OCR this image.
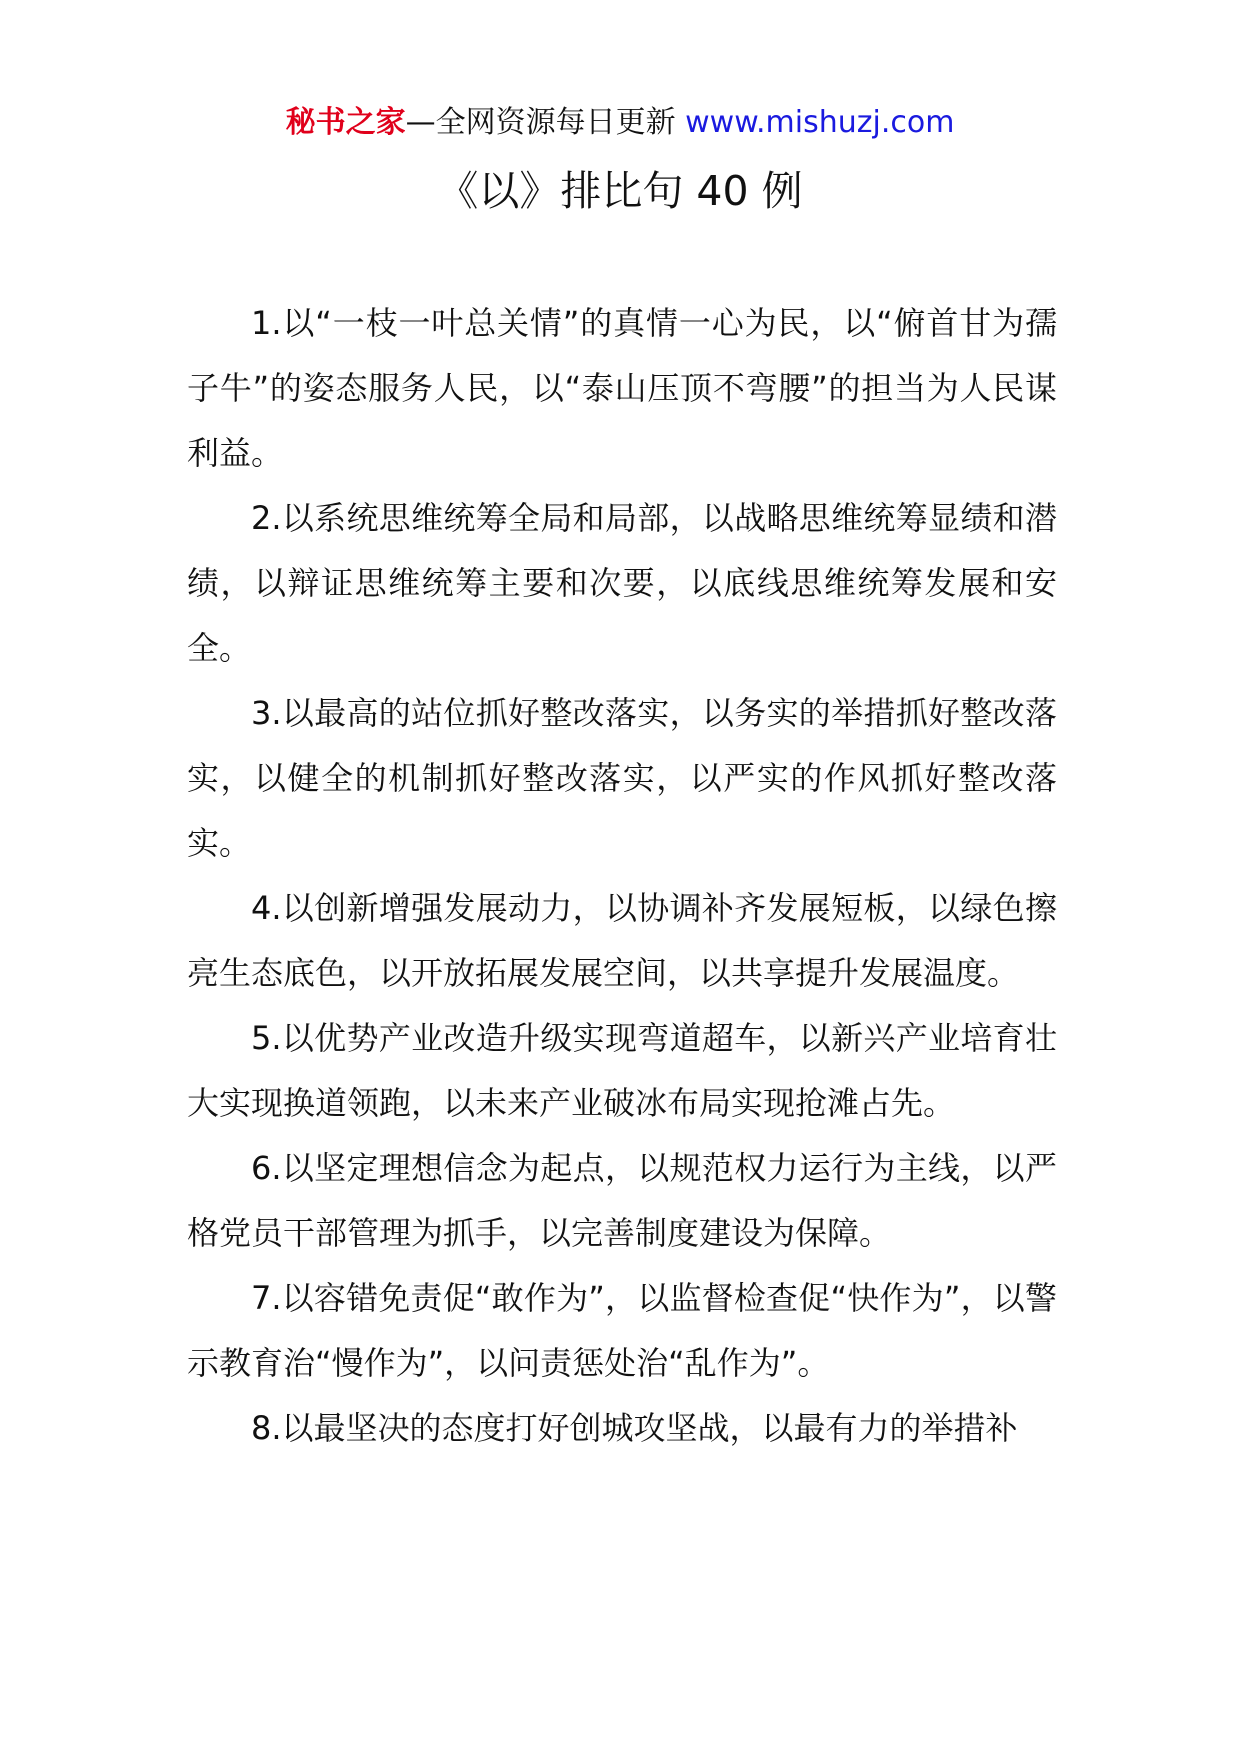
秘书之家—全网资源每日更新 www.mishuzj.com
《以》排比句 40 例

1.以“一枝一叶总关情”的真情一心为民，以“俯首甘为孺子牛”的姿态服务人民，以“泰山压顶不弯腰”的担当为人民谋利益。

2.以系统思维统筹全局和局部，以战略思维统筹显绩和潜绩，以辩证思维统筹主要和次要，以底线思维统筹发展和安全。

3.以最高的站位抓好整改落实，以务实的举措抓好整改落实，以健全的机制抓好整改落实，以严实的作风抓好整改落实。

4.以创新增强发展动力，以协调补齐发展短板，以绿色擦亮生态底色，以开放拓展发展空间，以共享提升发展温度。

5.以优势产业改造升级实现弯道超车，以新兴产业培育壮大实现换道领跑，以未来产业破冰布局实现抢滩占先。

6.以坚定理想信念为起点，以规范权力运行为主线，以严格党员干部管理为抓手，以完善制度建设为保障。

7.以容错免责促“敢作为”，以监督检查促“快作为”，以警示教育治“慢作为”，以问责惩处治“乱作为”。

8.以最坚决的态度打好创城攻坚战，以最有力的举措补
